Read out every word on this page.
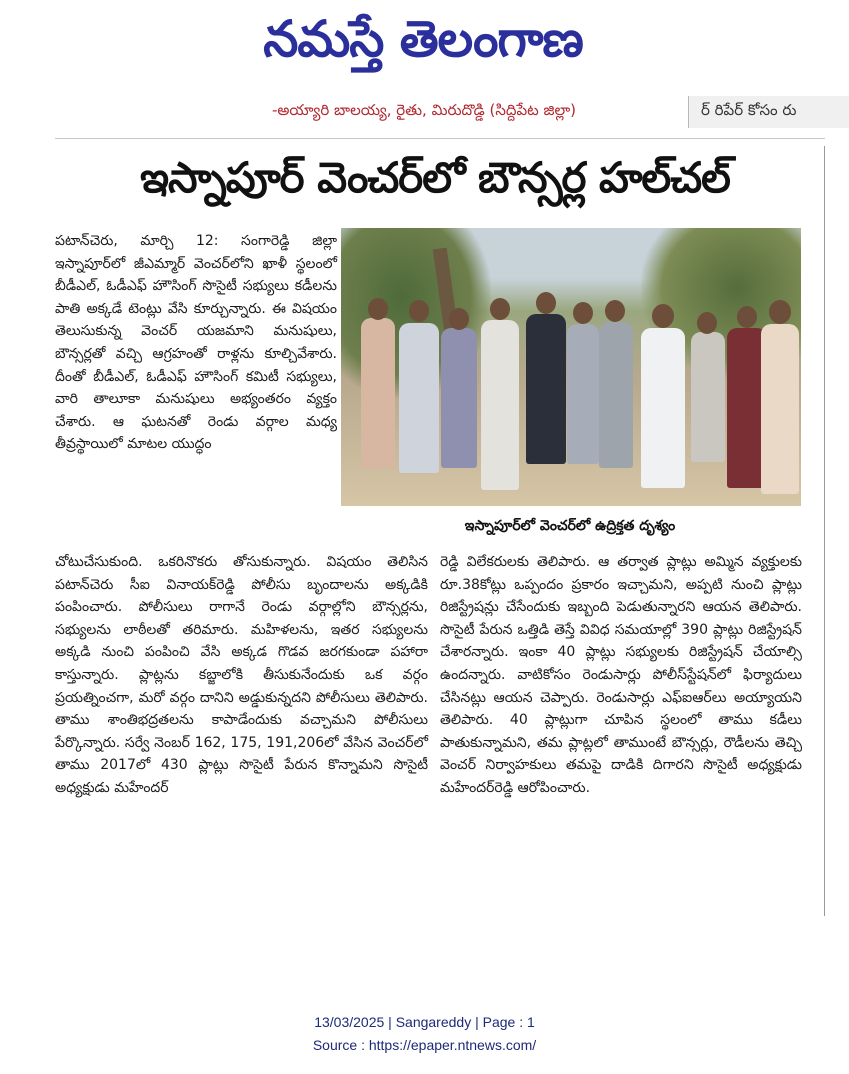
నమస్తే తెలంగాణ
-అయ్యారి బాలయ్య, రైతు, మిరుదొడ్డి (సిద్దిపేట జిల్లా)	ర్ రిపేర్ కోసం రు
ఇస్నాపూర్ వెంచర్‌లో బౌన్సర్ల హల్‌చల్

పటాన్‌చెరు, మార్చి 12: సంగారెడ్డి జిల్లా ఇస్నాపూర్‌లో జీఎమ్మార్ వెంచర్‌లోని ఖాళీ స్థలంలో బీడీఎల్, ఓడీఎఫ్ హౌసింగ్ సొసైటీ సభ్యులు కడీలను పాతి అక్కడే టెంట్లు వేసి కూర్చున్నారు. ఈ విషయం తెలుసుకున్న వెంచర్ యజమాని మనుషులు, బౌన్సర్లతో వచ్చి ఆగ్రహంతో రాళ్లను కూల్చివేశారు. దీంతో బీడీఎల్, ఓడీఎఫ్ హౌసింగ్ కమిటీ సభ్యులు, వారి తాలూకా మనుషులు అభ్యంతరం వ్యక్తం చేశారు. ఆ ఘటనతో రెండు వర్గాల మధ్య తీవ్రస్థాయిలో మాటల యుద్ధం

ఇస్నాపూర్‌లో వెంచర్‌లో ఉద్రిక్తత దృశ్యం

చోటుచేసుకుంది. ఒకరినొకరు తోసుకున్నారు. విషయం తెలిసిన పటాన్‌చెరు సీఐ వినాయక్‌రెడ్డి పోలీసు బృందాలను అక్కడికి పంపించారు. పోలీసులు రాగానే రెండు వర్గాల్లోని బౌన్సర్లను, సభ్యులను లాఠీలతో తరిమారు. మహిళలను, ఇతర సభ్యులను అక్కడి నుంచి పంపించి వేసి అక్కడ గొడవ జరగకుండా పహారా కాస్తున్నారు. ప్లాట్లను కబ్జాలోకి తీసుకునేందుకు ఒక వర్గం ప్రయత్నించగా, మరో వర్గం దానిని అడ్డుకున్నదని పోలీసులు తెలిపారు. తాము శాంతిభద్రతలను కాపాడేందుకు వచ్చామని పోలీసులు పేర్కొన్నారు. సర్వే నెంబర్ 162, 175, 191,206లో వేసిన వెంచర్‌లో తాము 2017లో 430 ప్లాట్లు సొసైటీ పేరున కొన్నామని సొసైటీ అధ్యక్షుడు మహేందర్

రెడ్డి విలేకరులకు తెలిపారు. ఆ తర్వాత ప్లాట్లు అమ్మిన వ్యక్తులకు రూ.38కోట్లు ఒప్పందం ప్రకారం ఇచ్చామని, అప్పటి నుంచి ప్లాట్లు రిజిస్ట్రేషన్లు చేసేందుకు ఇబ్బంది పెడుతున్నారని ఆయన తెలిపారు. సొసైటీ పేరున ఒత్తిడి తెస్తే వివిధ సమయాల్లో 390 ప్లాట్లు రిజిస్ట్రేషన్ చేశారన్నారు. ఇంకా 40 ప్లాట్లు సభ్యులకు రిజిస్ట్రేషన్ చేయాల్సి ఉందన్నారు. వాటికోసం రెండుసార్లు పోలీస్‌స్టేషన్‌లో ఫిర్యాదులు చేసినట్లు ఆయన చెప్పారు. రెండుసార్లు ఎఫ్ఐఆర్‌లు అయ్యాయని తెలిపారు. 40 ప్లాట్లుగా చూపిన స్థలంలో తాము కడీలు పాతుకున్నామని, తమ ప్లాట్లలో తాముంటే బౌన్సర్లు, రౌడీలను తెచ్చి వెంచర్ నిర్వాహకులు తమపై దాడికి దిగారని సొసైటీ అధ్యక్షుడు మహేందర్‌రెడ్డి ఆరోపించారు.

13/03/2025 | Sangareddy | Page : 1
Source : https://epaper.ntnews.com/
